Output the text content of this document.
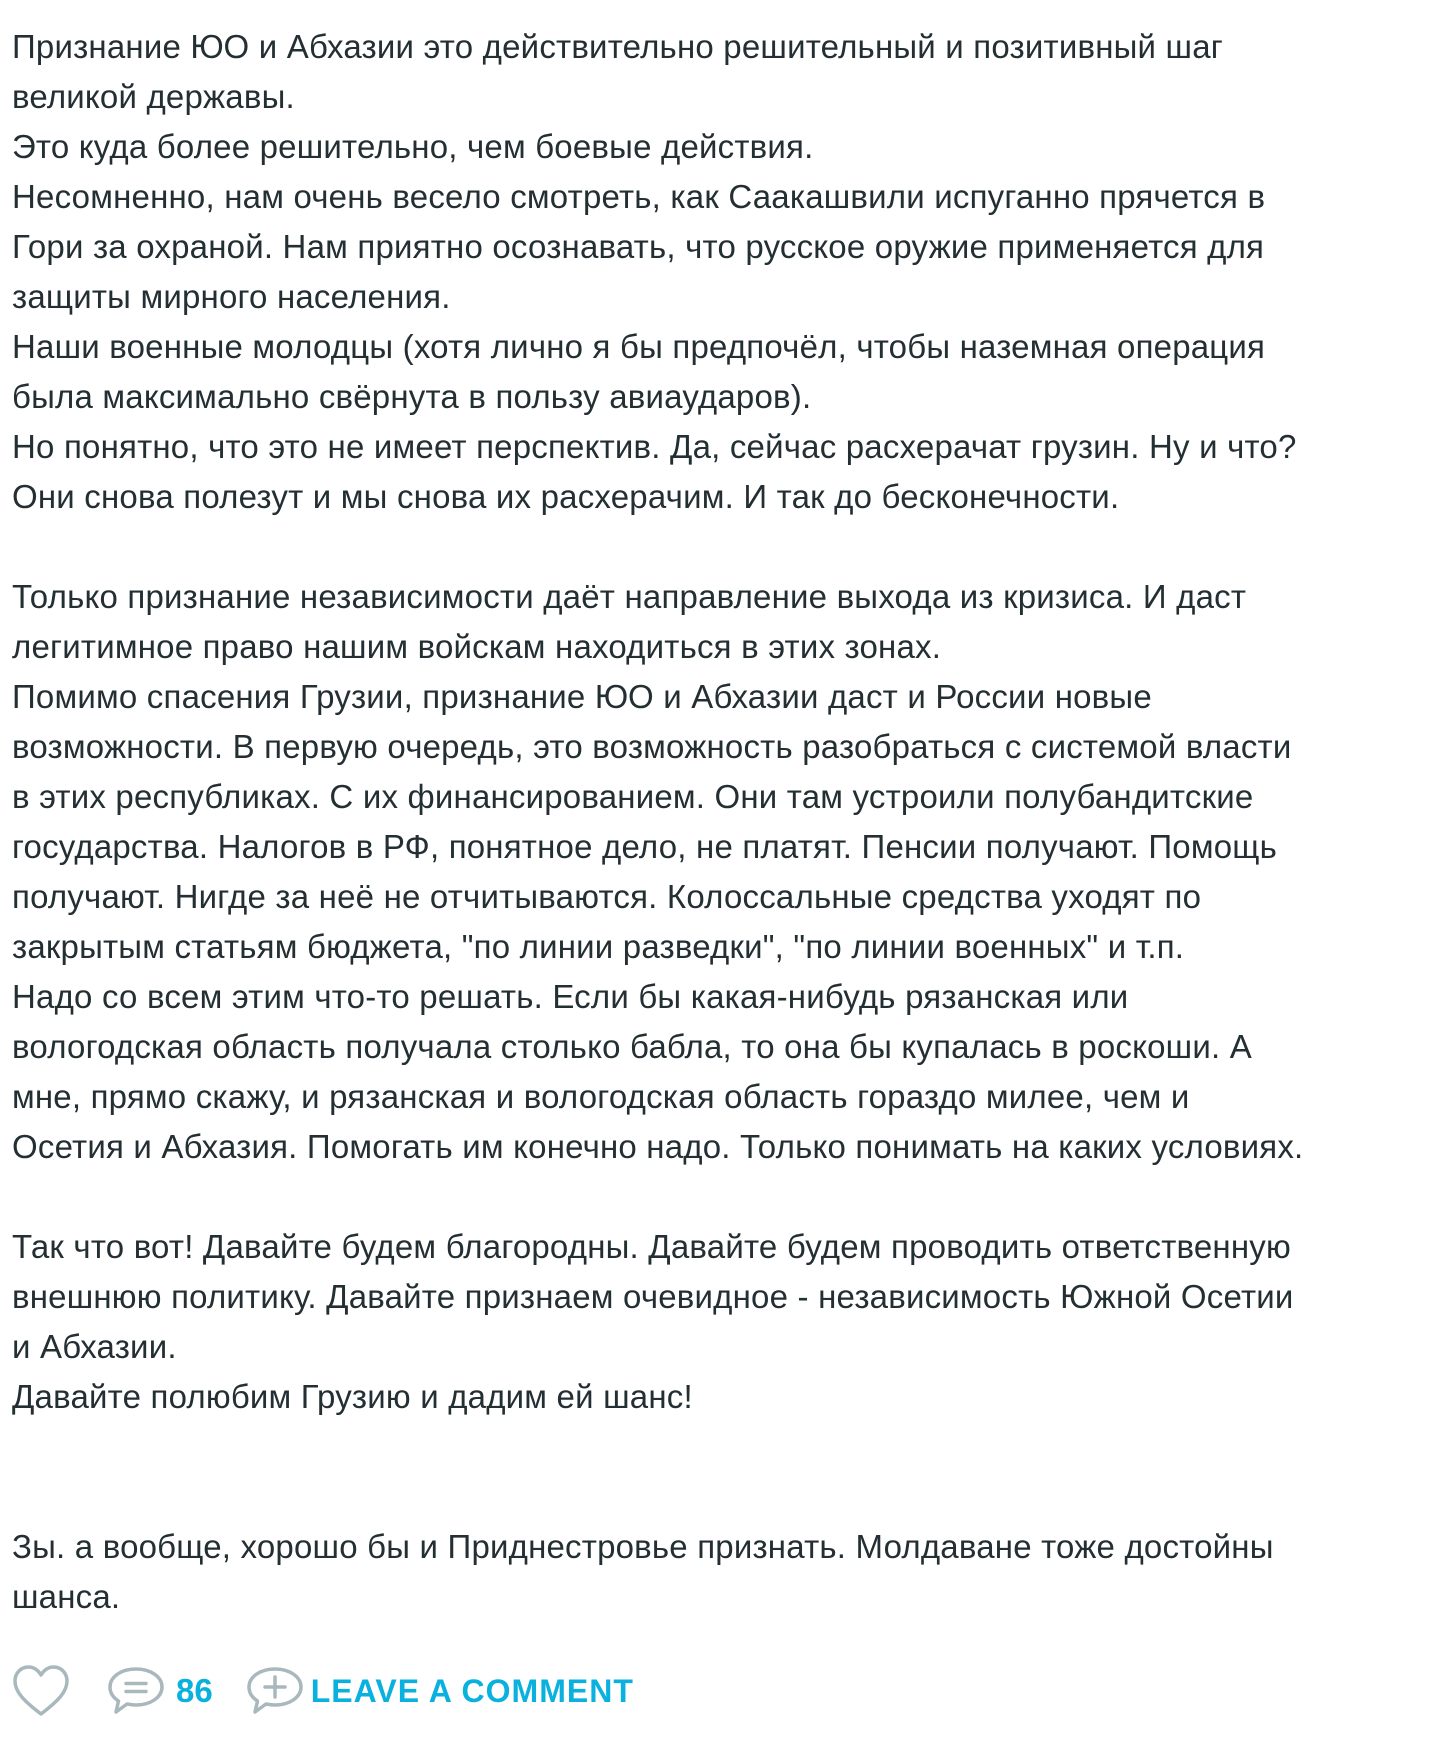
Признание ЮО и Абхазии это действительно решительный и позитивный шаг
великой державы.
Это куда более решительно, чем боевые действия.
Несомненно, нам очень весело смотреть, как Саакашвили испуганно прячется в
Гори за охраной. Нам приятно осознавать, что русское оружие применяется для
защиты мирного населения.
Наши военные молодцы (хотя лично я бы предпочёл, чтобы наземная операция
была максимально свёрнута в пользу авиаударов).
Но понятно, что это не имеет перспектив. Да, сейчас расхерачат грузин. Ну и что?
Они снова полезут и мы снова их расхерачим. И так до бесконечности.
Только признание независимости даёт направление выхода из кризиса. И даст
легитимное право нашим войскам находиться в этих зонах.
Помимо спасения Грузии, признание ЮО и Абхазии даст и России новые
возможности. В первую очередь, это возможность разобраться с системой власти
в этих республиках. С их финансированием. Они там устроили полубандитские
государства. Налогов в РФ, понятное дело, не платят. Пенсии получают. Помощь
получают. Нигде за неё не отчитываются. Колоссальные средства уходят по
закрытым статьям бюджета, "по линии разведки", "по линии военных" и т.п.
Надо со всем этим что-то решать. Если бы какая-нибудь рязанская или
вологодская область получала столько бабла, то она бы купалась в роскоши. А
мне, прямо скажу, и рязанская и вологодская область гораздо милее, чем и
Осетия и Абхазия. Помогать им конечно надо. Только понимать на каких условиях.
Так что вот! Давайте будем благородны. Давайте будем проводить ответственную
внешнюю политику. Давайте признаем очевидное - независимость Южной Осетии
и Абхазии.
Давайте полюбим Грузию и дадим ей шанс!
Зы. а вообще, хорошо бы и Приднестровье признать. Молдаване тоже достойны
шанса.
86	LEAVE A COMMENT
